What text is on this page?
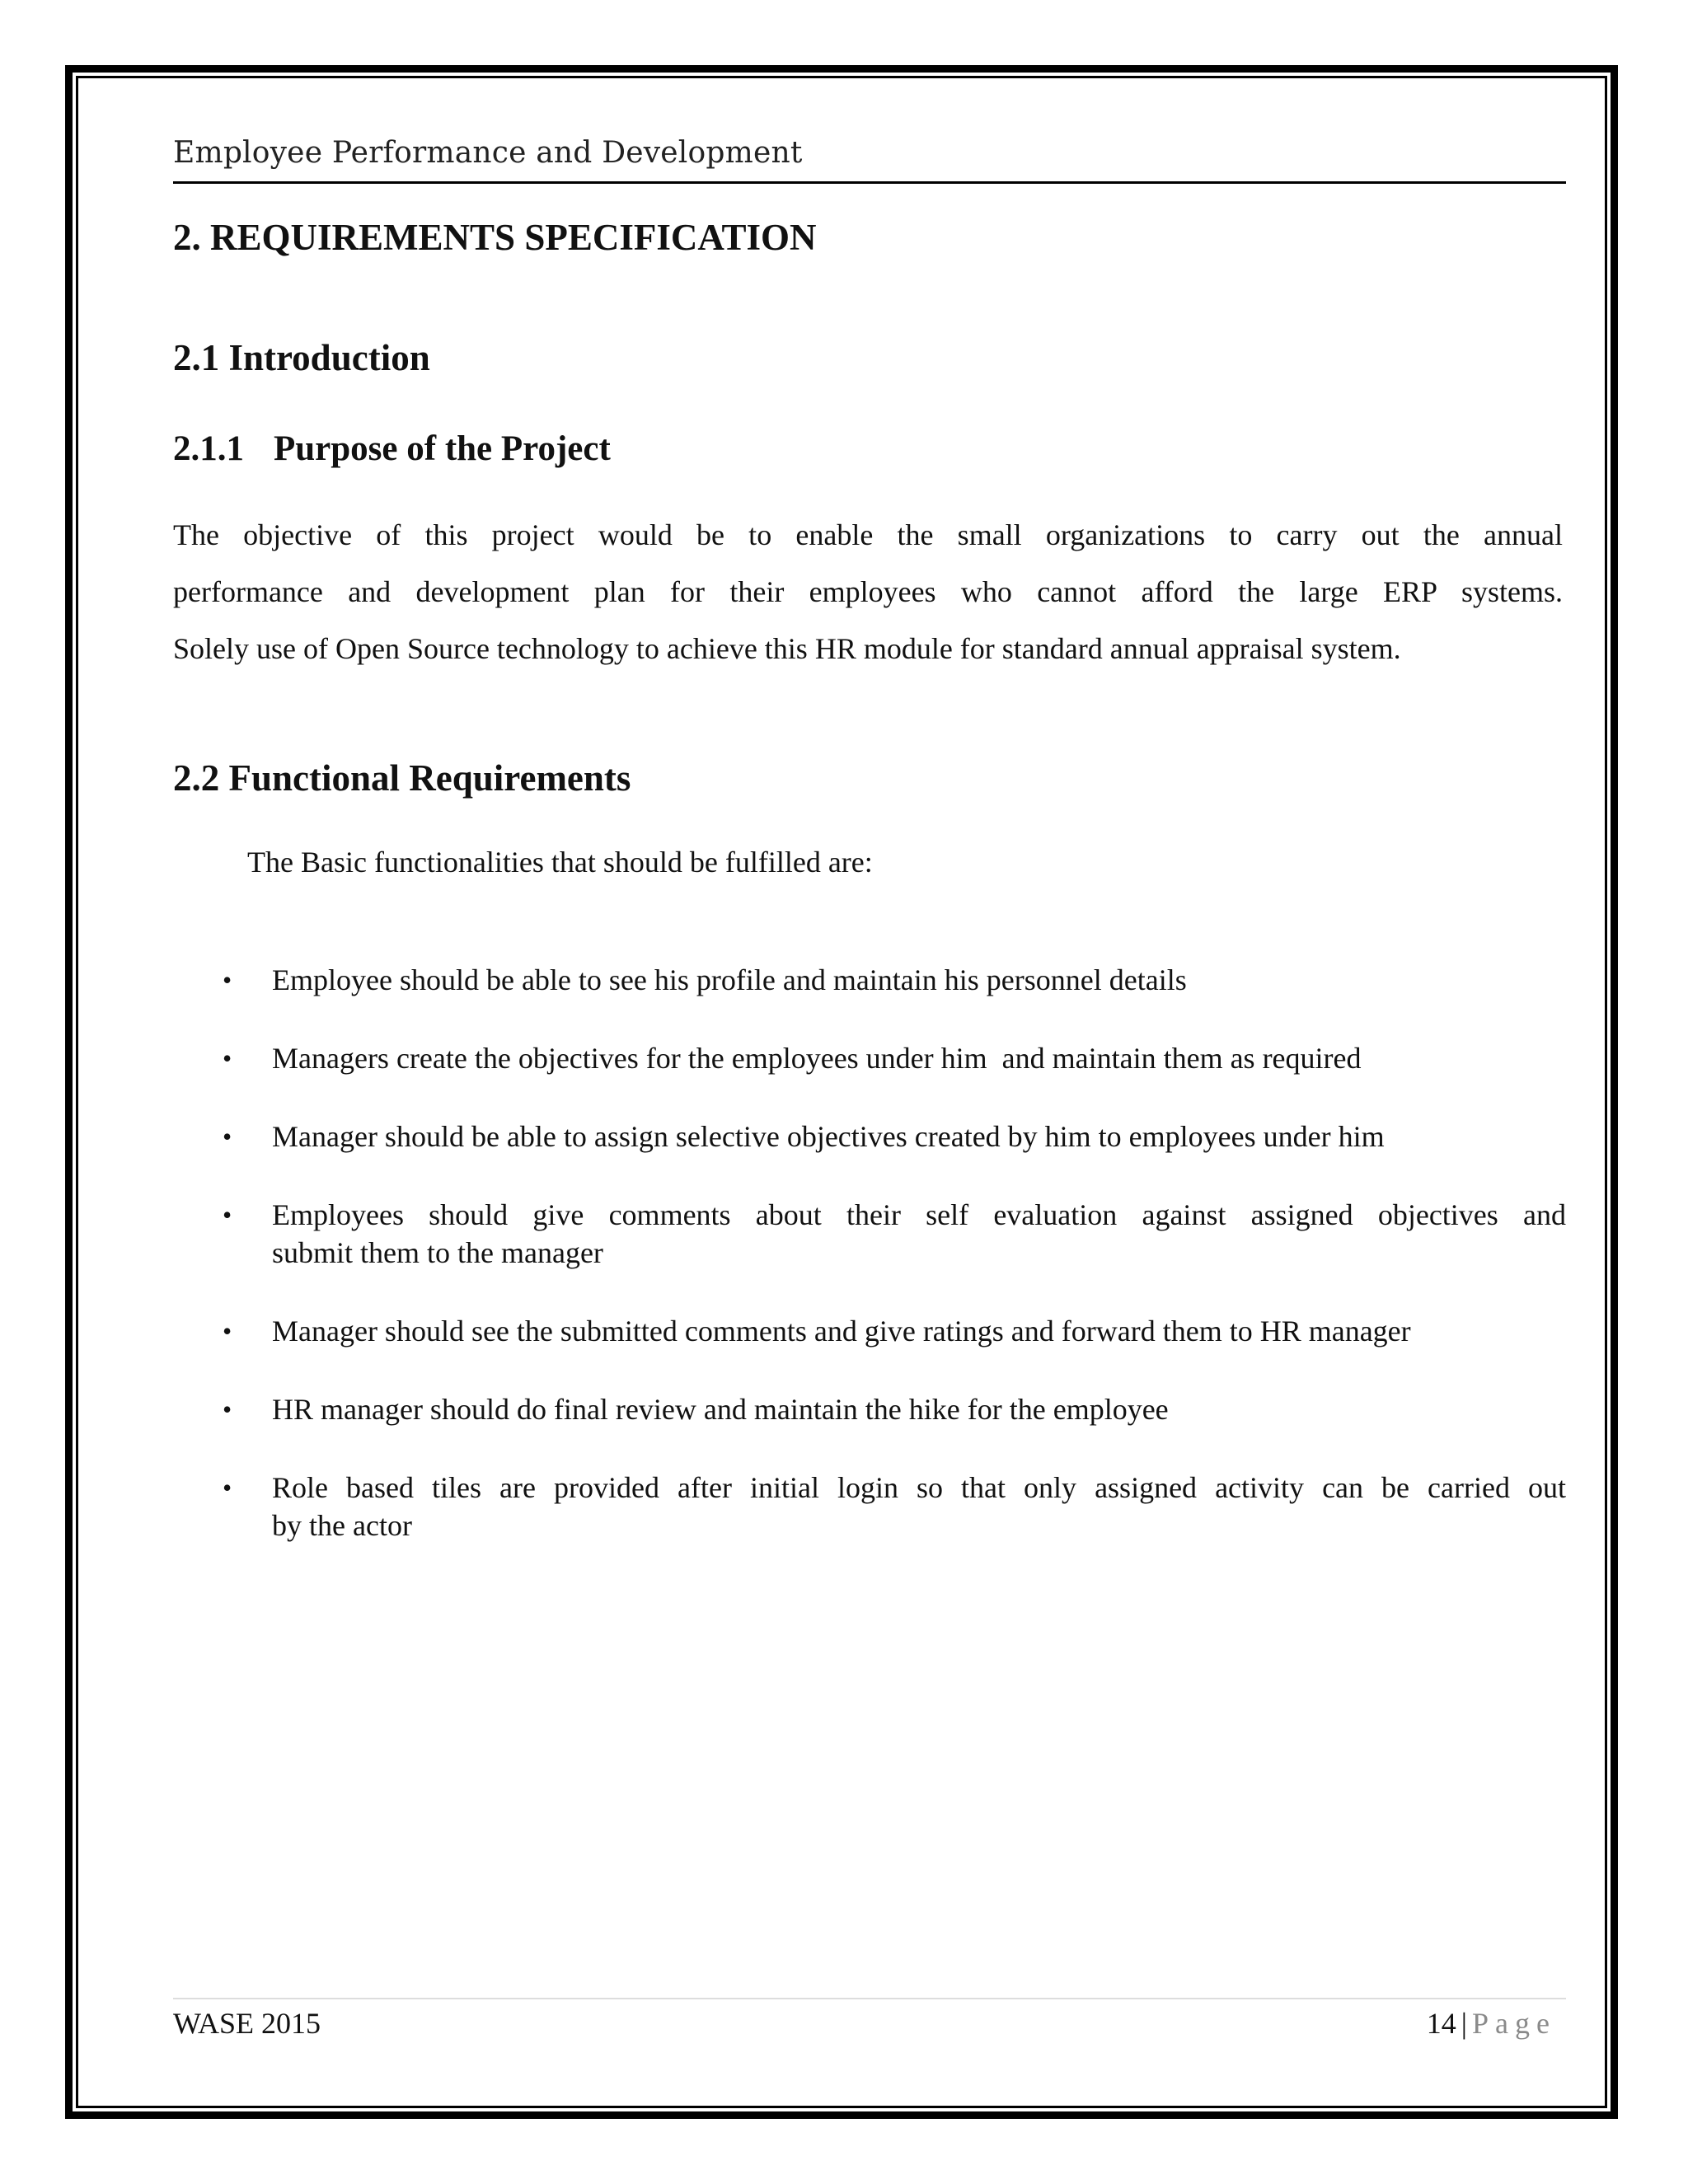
Employee Performance and Development
2. REQUIREMENTS SPECIFICATION
2.1 Introduction
2.1.1 Purpose of the Project
The objective of this project would be to enable the small organizations to carry out the annual
performance and development plan for their employees who cannot afford the large ERP systems.
Solely use of Open Source technology to achieve this HR module for standard annual appraisal system.
2.2 Functional Requirements
The Basic functionalities that should be fulfilled are:
•	Employee should be able to see his profile and maintain his personnel details
•	Managers create the objectives for the employees under him  and maintain them as required
•	Manager should be able to assign selective objectives created by him to employees under him
•	Employees should give comments about their self evaluation against assigned objectives and
submit them to the manager
•	Manager should see the submitted comments and give ratings and forward them to HR manager
•	HR manager should do final review and maintain the hike for the employee
•	Role based tiles are provided after initial login so that only assigned activity can be carried out
by the actor
WASE 2015	14 | Page
